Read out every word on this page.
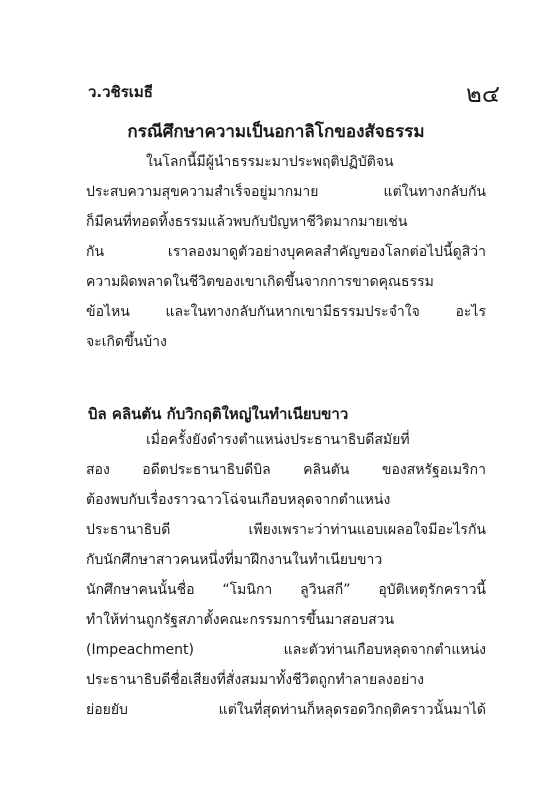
ว.วชิรเมธี	๒๔
กรณีศึกษาความเป็นอกาลิโกของสัจธรรม
ในโลกนี้มีผู้นำธรรมะมาประพฤติปฏิบัติจน
ประสบความสุขความสำเร็จอยู่มากมาย แต่ในทางกลับกัน
ก็มีคนที่ทอดทิ้งธรรมแล้วพบกับปัญหาชีวิตมากมายเช่น
กัน เราลองมาดูตัวอย่างบุคคลสำคัญของโลกต่อไปนี้ดูสิว่า
ความผิดพลาดในชีวิตของเขาเกิดขึ้นจากการขาดคุณธรรม
ข้อไหน และในทางกลับกันหากเขามีธรรมประจำใจ อะไร
จะเกิดขึ้นบ้าง
บิล คลินตัน กับวิกฤติใหญ่ในทำเนียบขาว
เมื่อครั้งยังดำรงตำแหน่งประธานาธิบดีสมัยที่
สอง อดีตประธานาธิบดีบิล คลินตัน ของสหรัฐอเมริกา
ต้องพบกับเรื่องราวฉาวโฉ่จนเกือบหลุดจากตำแหน่ง
ประธานาธิบดี เพียงเพราะว่าท่านแอบเผลอใจมีอะไรกัน
กับนักศึกษาสาวคนหนึ่งที่มาฝึกงานในทำเนียบขาว
นักศึกษาคนนั้นชื่อ “โมนิกา ลูวินสกี” อุบัติเหตุรักคราวนี้
ทำให้ท่านถูกรัฐสภาตั้งคณะกรรมการขึ้นมาสอบสวน
(Impeachment) และตัวท่านเกือบหลุดจากตำแหน่ง
ประธานาธิบดีชื่อเสียงที่สั่งสมมาทั้งชีวิตถูกทำลายลงอย่าง
ย่อยยับ แต่ในที่สุดท่านก็หลุดรอดวิกฤติคราวนั้นมาได้
